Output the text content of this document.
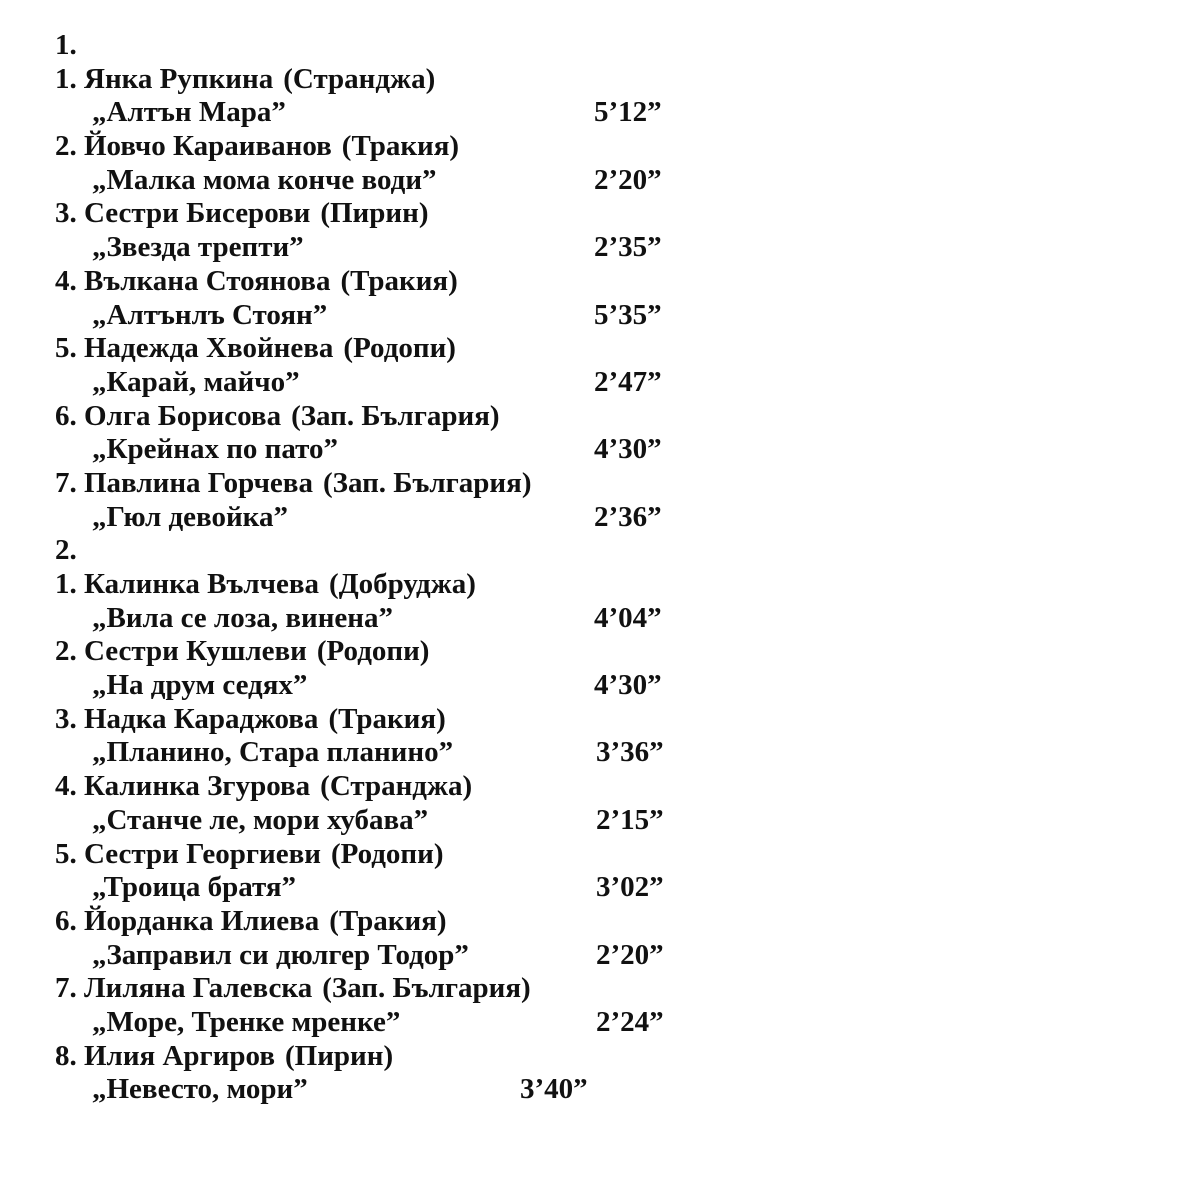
1.
1. Янка Рупкина (Странджа)
„Алтън Мара”	5’12”
2. Йовчо Караиванов (Тракия)
„Малка мома конче води”	2’20”
3. Сестри Бисерови (Пирин)
„Звезда трепти”	2’35”
4. Вълкана Стоянова (Тракия)
„Алтънлъ Стоян”	5’35”
5. Надежда Хвойнева (Родопи)
„Карай, майчо”	2’47”
6. Олга Борисова (Зап. България)
„Крейнах по пато”	4’30”
7. Павлина Горчева (Зап. България)
„Гюл девойка”	2’36”
2.
1. Калинка Вълчева (Добруджа)
„Вила се лоза, винена”	4’04”
2. Сестри Кушлеви (Родопи)
„На друм седях”	4’30”
3. Надка Караджова (Тракия)
„Планино, Стара планино”	3’36”
4. Калинка Згурова (Странджа)
„Станче ле, мори хубава”	2’15”
5. Сестри Георгиеви (Родопи)
„Троица братя”	3’02”
6. Йорданка Илиева (Тракия)
„Заправил си дюлгер Тодор”	2’20”
7. Лиляна Галевска (Зап. България)
„Море, Тренке мренке”	2’24”
8. Илия Аргиров (Пирин)
„Невесто, мори”	3’40”
